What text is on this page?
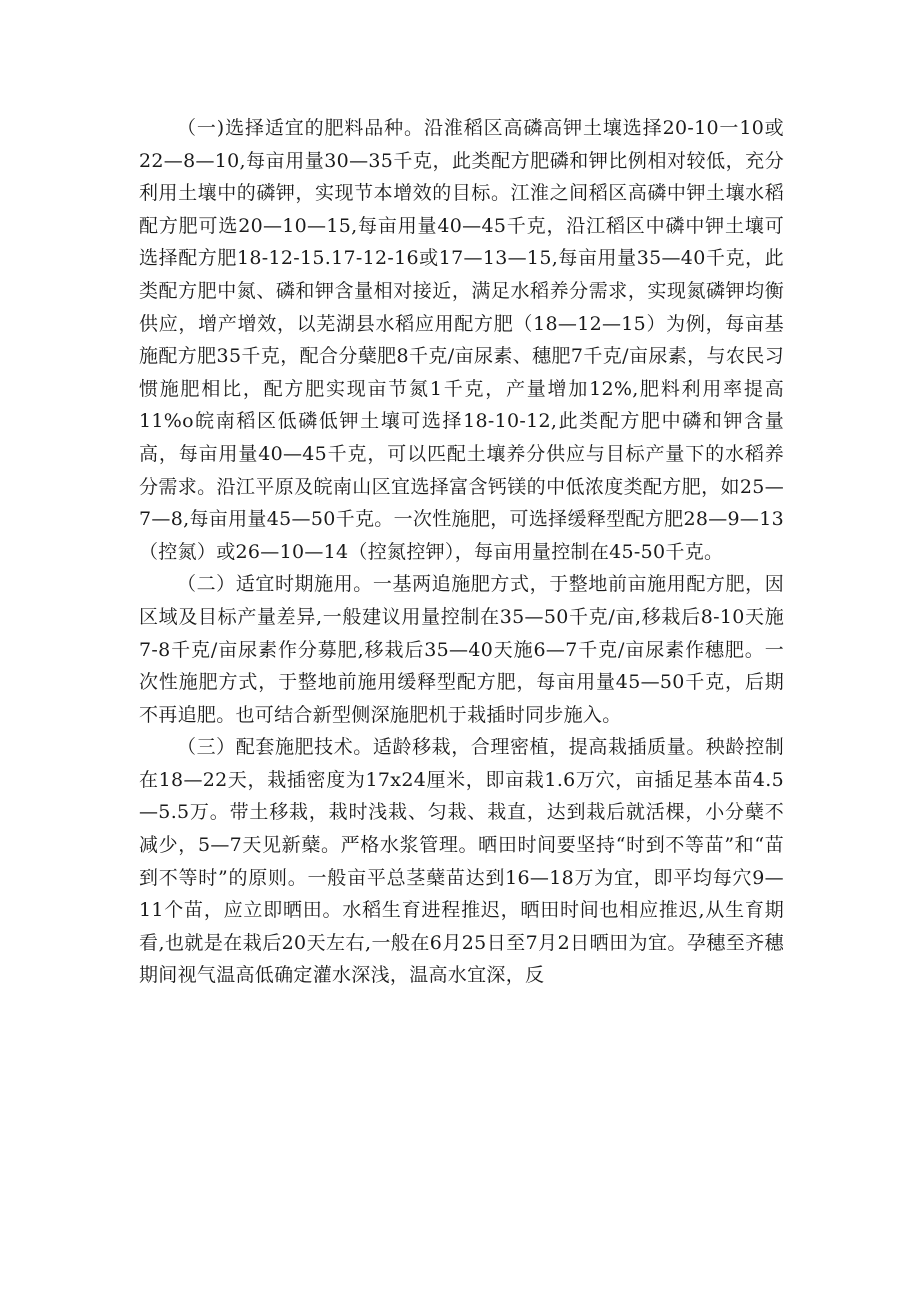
（一)选择适宜的肥料品种。沿淮稻区高磷高钾土壤选择20-10一10或22—8—10,每亩用量30—35千克，此类配方肥磷和钾比例相对较低，充分利用土壤中的磷钾，实现节本增效的目标。江淮之间稻区高磷中钾土壤水稻配方肥可选20—10—15,每亩用量40—45千克，沿江稻区中磷中钾土壤可选择配方肥18-12-15.17-12-16或17—13—15,每亩用量35—40千克，此类配方肥中氮、磷和钾含量相对接近，满足水稻养分需求，实现氮磷钾均衡供应，增产增效，以芜湖县水稻应用配方肥（18—12—15）为例，每亩基施配方肥35千克，配合分蘖肥8千克/亩尿素、穗肥7千克/亩尿素，与农民习惯施肥相比，配方肥实现亩节氮1千克，产量增加12%,肥料利用率提高11%o皖南稻区低磷低钾土壤可选择18-10-12,此类配方肥中磷和钾含量高，每亩用量40—45千克，可以匹配土壤养分供应与目标产量下的水稻养分需求。沿江平原及皖南山区宜选择富含钙镁的中低浓度类配方肥，如25—7—8,每亩用量45—50千克。一次性施肥，可选择缓释型配方肥28—9—13（控氮）或26—10—14（控氮控钾），每亩用量控制在45-50千克。

（二）适宜时期施用。一基两追施肥方式，于整地前亩施用配方肥，因区域及目标产量差异,一般建议用量控制在35—50千克/亩,移栽后8-10天施7-8千克/亩尿素作分募肥,移栽后35—40天施6—7千克/亩尿素作穗肥。一次性施肥方式，于整地前施用缓释型配方肥，每亩用量45—50千克，后期不再追肥。也可结合新型侧深施肥机于栽插时同步施入。

（三）配套施肥技术。适龄移栽，合理密植，提高栽插质量。秧龄控制在18—22天，栽插密度为17x24厘米，即亩栽1.6万穴，亩插足基本苗4.5—5.5万。带土移栽，栽时浅栽、匀栽、栽直，达到栽后就活棵，小分蘖不减少，5—7天见新蘖。严格水浆管理。晒田时间要坚持“时到不等苗”和“苗到不等时”的原则。一般亩平总茎蘖苗达到16—18万为宜，即平均每穴9—11个苗，应立即晒田。水稻生育进程推迟，晒田时间也相应推迟,从生育期看,也就是在栽后20天左右,一般在6月25日至7月2日晒田为宜。孕穗至齐穗期间视气温高低确定灌水深浅，温高水宜深，反
